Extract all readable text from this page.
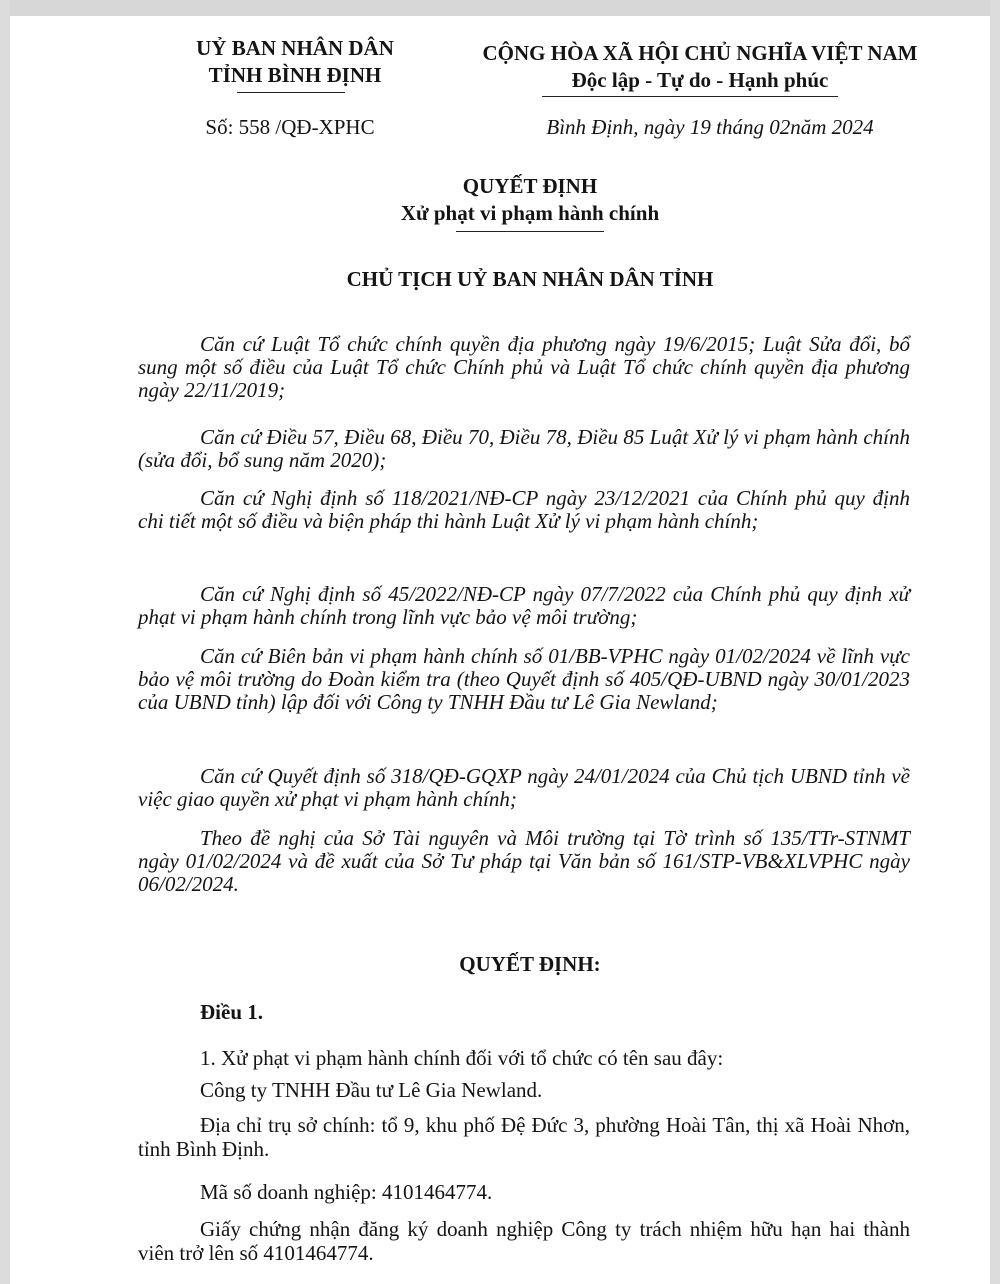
UỶ BAN NHÂN DÂN
TỈNH BÌNH ĐỊNH
Số: 558 /QĐ-XPHC
CỘNG HÒA XÃ HỘI CHỦ NGHĨA VIỆT NAM
Độc lập - Tự do - Hạnh phúc
Bình Định, ngày 19 tháng 02năm 2024
QUYẾT ĐỊNH
Xử phạt vi phạm hành chính
CHỦ TỊCH UỶ BAN NHÂN DÂN TỈNH
Căn cứ Luật Tổ chức chính quyền địa phương ngày 19/6/2015; Luật Sửa đổi, bổ sung một số điều của Luật Tổ chức Chính phủ và Luật Tổ chức chính quyền địa phương ngày 22/11/2019;
Căn cứ Điều 57, Điều 68, Điều 70, Điều 78, Điều 85 Luật Xử lý vi phạm hành chính (sửa đổi, bổ sung năm 2020);
Căn cứ Nghị định số 118/2021/NĐ-CP ngày 23/12/2021 của Chính phủ quy định chi tiết một số điều và biện pháp thi hành Luật Xử lý vi phạm hành chính;
Căn cứ Nghị định số 45/2022/NĐ-CP ngày 07/7/2022 của Chính phủ quy định xử phạt vi phạm hành chính trong lĩnh vực bảo vệ môi trường;
Căn cứ Biên bản vi phạm hành chính số 01/BB-VPHC ngày 01/02/2024 về lĩnh vực bảo vệ môi trường do Đoàn kiểm tra (theo Quyết định số 405/QĐ-UBND ngày 30/01/2023 của UBND tỉnh) lập đối với Công ty TNHH Đầu tư Lê Gia Newland;
Căn cứ Quyết định số 318/QĐ-GQXP ngày 24/01/2024 của Chủ tịch UBND tỉnh về việc giao quyền xử phạt vi phạm hành chính;
Theo đề nghị của Sở Tài nguyên và Môi trường tại Tờ trình số 135/TTr-STNMT ngày 01/02/2024 và đề xuất của Sở Tư pháp tại Văn bản số 161/STP-VB&XLVPHC ngày 06/02/2024.
QUYẾT ĐỊNH:
Điều 1.
1. Xử phạt vi phạm hành chính đối với tổ chức có tên sau đây:
Công ty TNHH Đầu tư Lê Gia Newland.
Địa chỉ trụ sở chính: tổ 9, khu phố Đệ Đức 3, phường Hoài Tân, thị xã Hoài Nhơn, tỉnh Bình Định.
Mã số doanh nghiệp: 4101464774.
Giấy chứng nhận đăng ký doanh nghiệp Công ty trách nhiệm hữu hạn hai thành viên trở lên số 4101464774.
